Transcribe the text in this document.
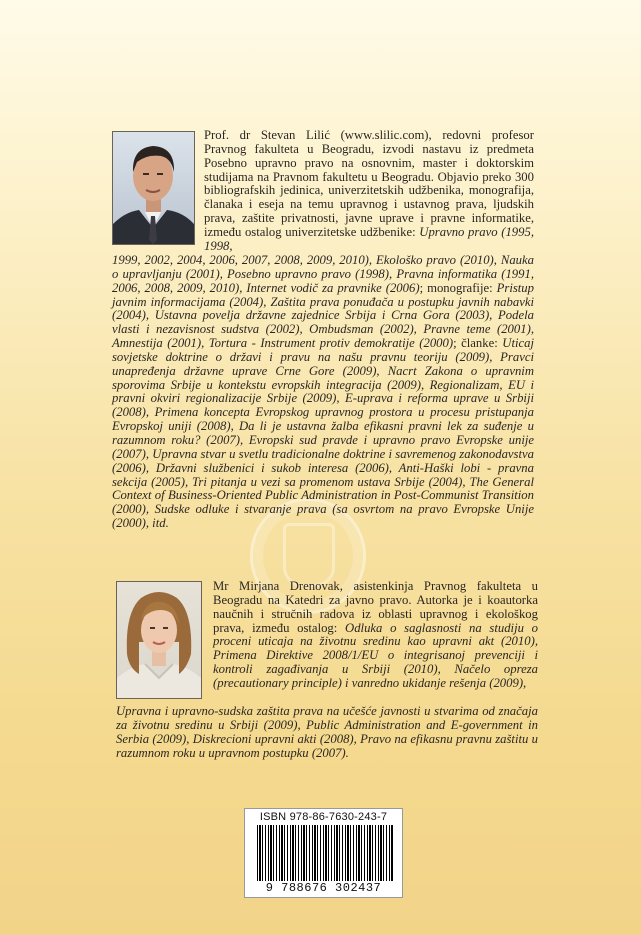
Prof. dr Stevan Lilić (www.slilic.com), redovni profesor Pravnog fakulteta u Beogradu, izvodi nastavu iz predmeta Posebno upravno pravo na osnovnim, master i doktorskim studijama na Pravnom fakultetu u Beogradu. Objavio preko 300 bibliografskih jedinica, univerzitetskih udžbenika, monografija, članaka i eseja na temu upravnog i ustavnog prava, ljudskih prava, zaštite privatnosti, javne uprave i pravne informatike, između ostalog univerzitetske udžbenike: Upravno pravo (1995, 1998,

1999, 2002, 2004, 2006, 2007, 2008, 2009, 2010), Ekološko pravo (2010), Nauka o upravljanju (2001), Posebno upravno pravo (1998), Pravna informatika (1991, 2006, 2008, 2009, 2010), Internet vodič za pravnike (2006); monografije: Pristup javnim informacijama (2004), Zaštita prava ponuđača u postupku javnih nabavki (2004), Ustavna povelja državne zajednice Srbija i Crna Gora (2003), Podela vlasti i nezavisnost sudstva (2002), Ombudsman (2002), Pravne teme (2001), Amnestija (2001), Tortura - Instrument protiv demokratije (2000); članke: Uticaj sovjetske doktrine o državi i pravu na našu pravnu teoriju (2009), Pravci unapređenja državne uprave Crne Gore (2009), Nacrt Zakona o upravnim sporovima Srbije u kontekstu evropskih integracija (2009), Regionalizam, EU i pravni okviri regionalizacije Srbije (2009), E-uprava i reforma uprave u Srbiji (2008), Primena koncepta Evropskog upravnog prostora u procesu pristupanja Evropskoj uniji (2008), Da li je ustavna žalba efikasni pravni lek za suđenje u razumnom roku? (2007), Evropski sud pravde i upravno pravo Evropske unije (2007), Upravna stvar u svetlu tradicionalne doktrine i savremenog zakonodavstva (2006), Državni službenici i sukob interesa (2006), Anti-Haški lobi - pravna sekcija (2005), Tri pitanja u vezi sa promenom ustava Srbije (2004), The General Context of Business-Oriented Public Administration in Post-Communist Transition (2000), Sudske odluke i stvaranje prava (sa osvrtom na pravo Evropske Unije (2000), itd.

Mr Mirjana Drenovak, asistenkinja Pravnog fakulteta u Beogradu na Katedri za javno pravo. Autorka je i koautorka naučnih i stručnih radova iz oblasti upravnog i ekološkog prava, između ostalog: Odluka o saglasnosti na studiju o proceni uticaja na životnu sredinu kao upravni akt (2010), Primena Direktive 2008/1/EU o integrisanoj prevenciji i kontroli zagađivanja u Srbiji (2010), Načelo opreza (precautionary principle) i vanredno ukidanje rešenja (2009),

Upravna i upravno-sudska zaštita prava na učešće javnosti u stvarima od značaja za životnu sredinu u Srbiji (2009), Public Administration and E-government in Serbia (2009), Diskrecioni upravni akti (2008), Pravo na efikasnu pravnu zaštitu u razumnom roku u upravnom postupku (2007).

ISBN 978-86-7630-243-7
9 788676 302437
